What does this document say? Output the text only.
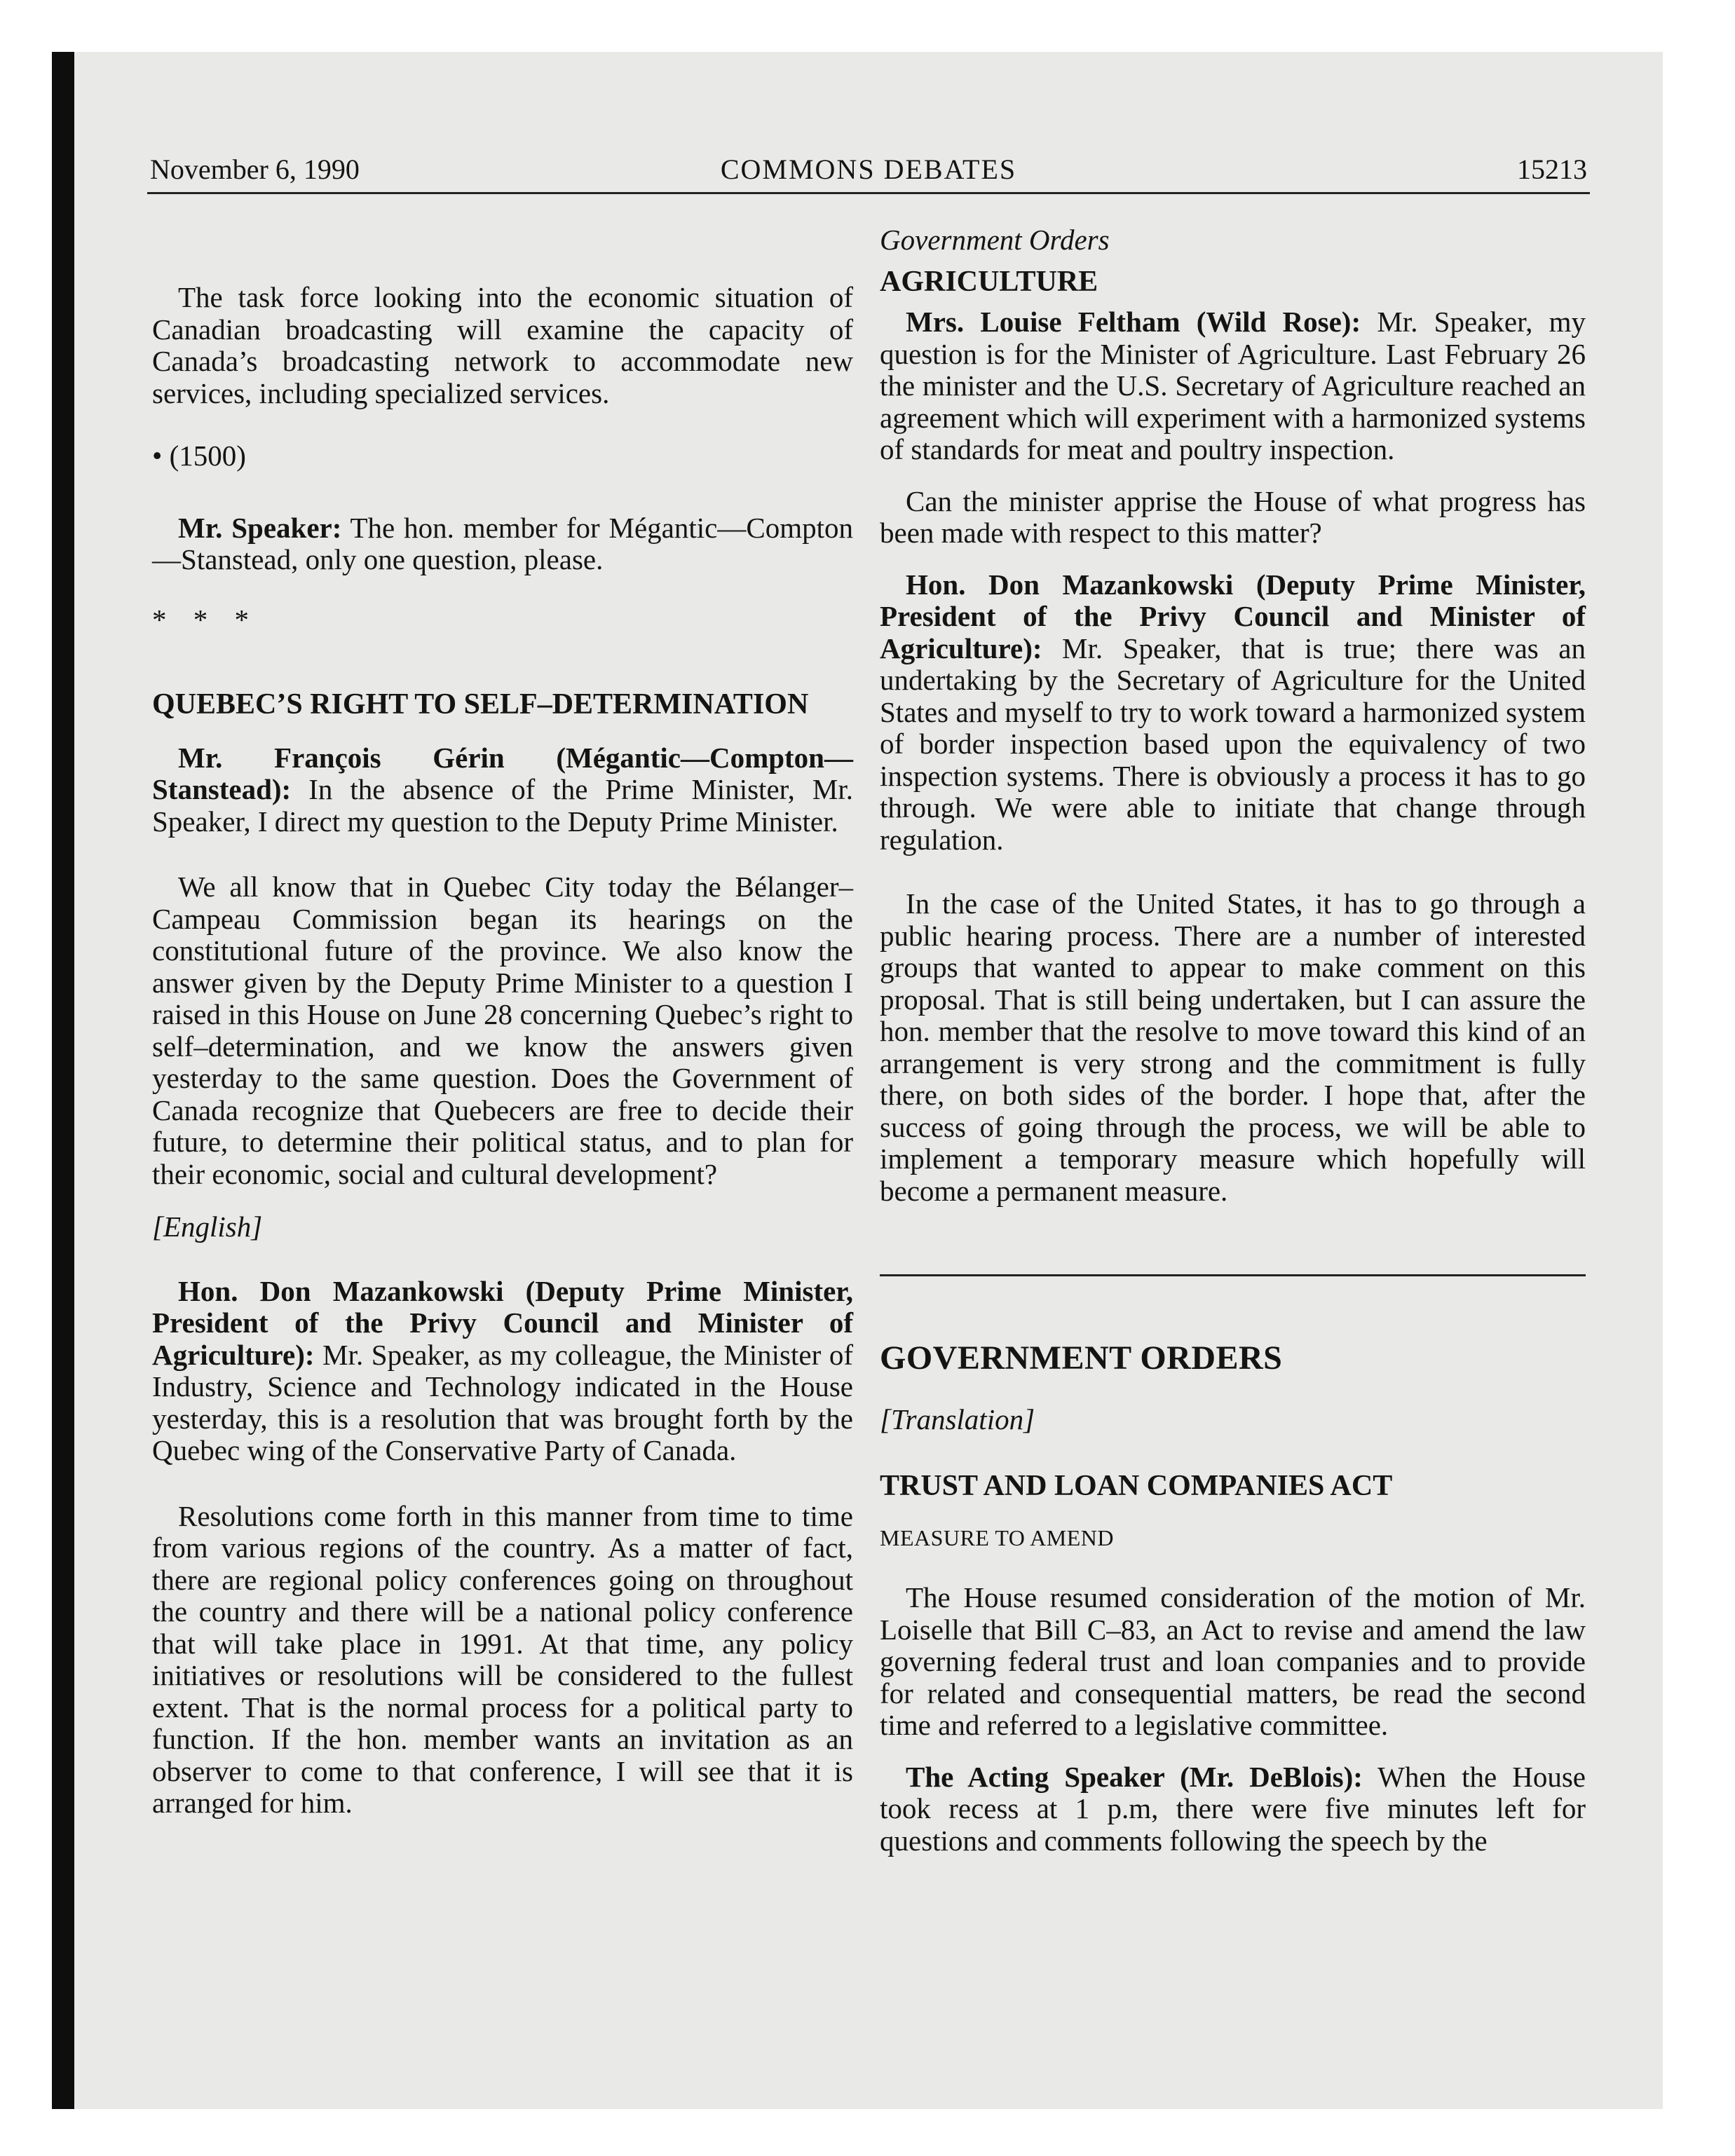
November 6, 1990	COMMONS DEBATES	15213

The task force looking into the economic situation of Canadian broadcasting will examine the capacity of Canada’s broadcasting network to accommodate new services, including specialized services.

• (1500)

Mr. Speaker: The hon. member for Mégantic—Compton—Stanstead, only one question, please.

* * *

QUEBEC’S RIGHT TO SELF–DETERMINATION

Mr. François Gérin (Mégantic—Compton—Stanstead): In the absence of the Prime Minister, Mr. Speaker, I direct my question to the Deputy Prime Minister.

We all know that in Quebec City today the Bélanger–Campeau Commission began its hearings on the constitutional future of the province. We also know the answer given by the Deputy Prime Minister to a question I raised in this House on June 28 concerning Quebec’s right to self–determination, and we know the answers given yesterday to the same question. Does the Government of Canada recognize that Quebecers are free to decide their future, to determine their political status, and to plan for their economic, social and cultural development?

[English]

Hon. Don Mazankowski (Deputy Prime Minister, President of the Privy Council and Minister of Agriculture): Mr. Speaker, as my colleague, the Minister of Industry, Science and Technology indicated in the House yesterday, this is a resolution that was brought forth by the Quebec wing of the Conservative Party of Canada.

Resolutions come forth in this manner from time to time from various regions of the country. As a matter of fact, there are regional policy conferences going on throughout the country and there will be a national policy conference that will take place in 1991. At that time, any policy initiatives or resolutions will be considered to the fullest extent. That is the normal process for a political party to function. If the hon. member wants an invitation as an observer to come to that conference, I will see that it is arranged for him.

Government Orders

AGRICULTURE

Mrs. Louise Feltham (Wild Rose): Mr. Speaker, my question is for the Minister of Agriculture. Last February 26 the minister and the U.S. Secretary of Agriculture reached an agreement which will experiment with a harmonized systems of standards for meat and poultry inspection.

Can the minister apprise the House of what progress has been made with respect to this matter?

Hon. Don Mazankowski (Deputy Prime Minister, President of the Privy Council and Minister of Agriculture): Mr. Speaker, that is true; there was an undertaking by the Secretary of Agriculture for the United States and myself to try to work toward a harmonized system of border inspection based upon the equivalency of two inspection systems. There is obviously a process it has to go through. We were able to initiate that change through regulation.

In the case of the United States, it has to go through a public hearing process. There are a number of interested groups that wanted to appear to make comment on this proposal. That is still being undertaken, but I can assure the hon. member that the resolve to move toward this kind of an arrangement is very strong and the commitment is fully there, on both sides of the border. I hope that, after the success of going through the process, we will be able to implement a temporary measure which hopefully will become a permanent measure.

GOVERNMENT ORDERS

[Translation]

TRUST AND LOAN COMPANIES ACT

MEASURE TO AMEND

The House resumed consideration of the motion of Mr. Loiselle that Bill C–83, an Act to revise and amend the law governing federal trust and loan companies and to provide for related and consequential matters, be read the second time and referred to a legislative committee.

The Acting Speaker (Mr. DeBlois): When the House took recess at 1 p.m, there were five minutes left for questions and comments following the speech by the
